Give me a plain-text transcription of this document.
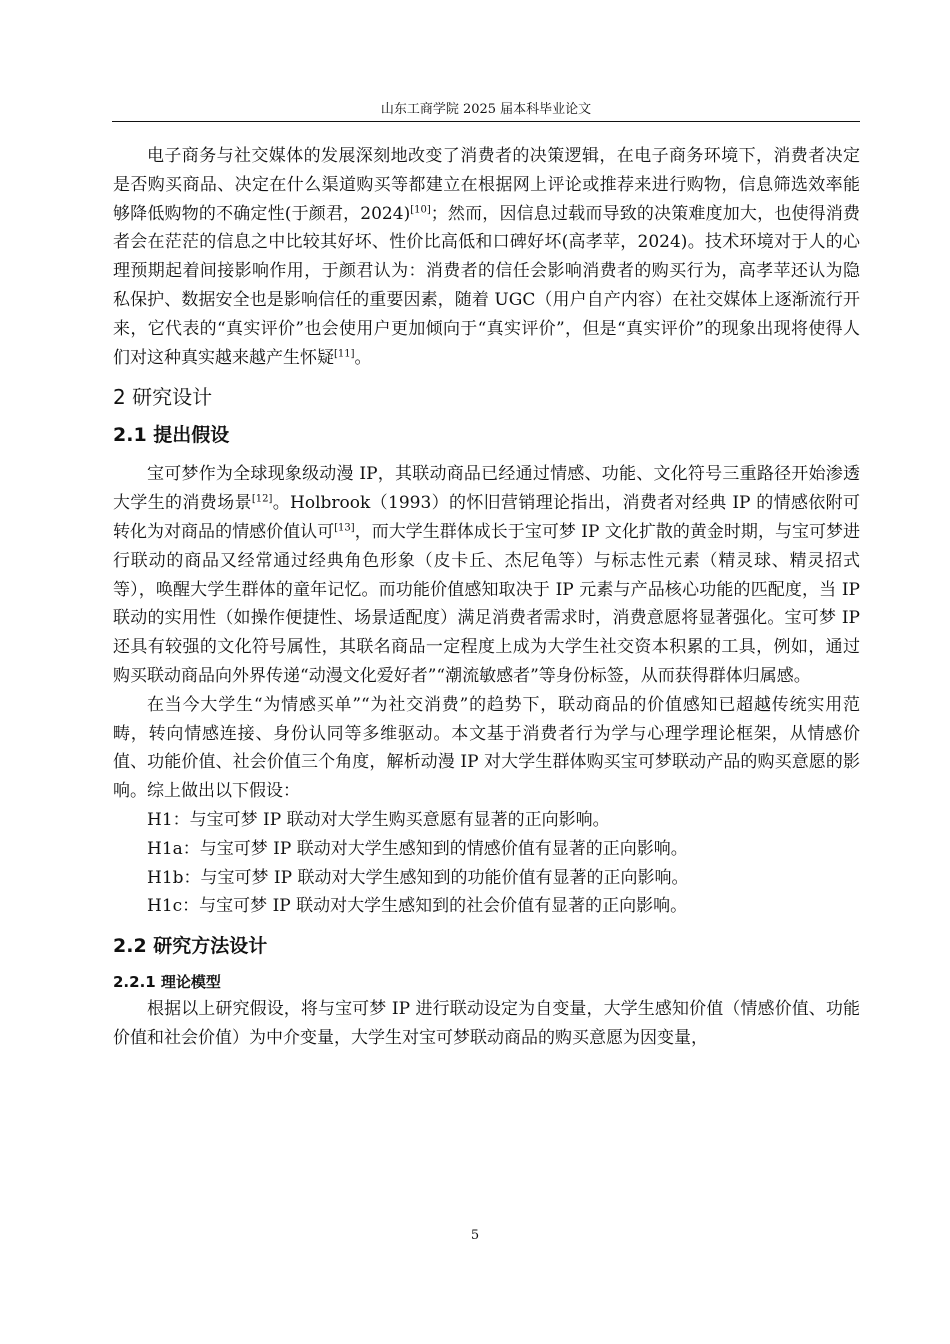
山东工商学院 2025 届本科毕业论文

电子商务与社交媒体的发展深刻地改变了消费者的决策逻辑，在电子商务环境下，消费者决定是否购买商品、决定在什么渠道购买等都建立在根据网上评论或推荐来进行购物，信息筛选效率能够降低购物的不确定性(于颜君，2024)[10]；然而，因信息过载而导致的决策难度加大，也使得消费者会在茫茫的信息之中比较其好坏、性价比高低和口碑好坏(高孝苹，2024)。技术环境对于人的心理预期起着间接影响作用，于颜君认为：消费者的信任会影响消费者的购买行为，高孝苹还认为隐私保护、数据安全也是影响信任的重要因素，随着 UGC（用户自产内容）在社交媒体上逐渐流行开来，它代表的“真实评价”也会使用户更加倾向于“真实评价”，但是“真实评价”的现象出现将使得人们对这种真实越来越产生怀疑[11]。

2 研究设计
2.1 提出假设

宝可梦作为全球现象级动漫 IP，其联动商品已经通过情感、功能、文化符号三重路径开始渗透大学生的消费场景[12]。Holbrook（1993）的怀旧营销理论指出，消费者对经典 IP 的情感依附可转化为对商品的情感价值认可[13]，而大学生群体成长于宝可梦 IP 文化扩散的黄金时期，与宝可梦进行联动的商品又经常通过经典角色形象（皮卡丘、杰尼龟等）与标志性元素（精灵球、精灵招式等），唤醒大学生群体的童年记忆。而功能价值感知取决于 IP 元素与产品核心功能的匹配度，当 IP 联动的实用性（如操作便捷性、场景适配度）满足消费者需求时，消费意愿将显著强化。宝可梦 IP 还具有较强的文化符号属性，其联名商品一定程度上成为大学生社交资本积累的工具，例如，通过购买联动商品向外界传递“动漫文化爱好者”“潮流敏感者”等身份标签，从而获得群体归属感。

在当今大学生“为情感买单”“为社交消费”的趋势下，联动商品的价值感知已超越传统实用范畴，转向情感连接、身份认同等多维驱动。本文基于消费者行为学与心理学理论框架，从情感价值、功能价值、社会价值三个角度，解析动漫 IP 对大学生群体购买宝可梦联动产品的购买意愿的影响。综上做出以下假设：

H1：与宝可梦 IP 联动对大学生购买意愿有显著的正向影响。

H1a：与宝可梦 IP 联动对大学生感知到的情感价值有显著的正向影响。

H1b：与宝可梦 IP 联动对大学生感知到的功能价值有显著的正向影响。

H1c：与宝可梦 IP 联动对大学生感知到的社会价值有显著的正向影响。

2.2 研究方法设计
2.2.1 理论模型

根据以上研究假设，将与宝可梦 IP 进行联动设定为自变量，大学生感知价值（情感价值、功能价值和社会价值）为中介变量，大学生对宝可梦联动商品的购买意愿为因变量，

5
